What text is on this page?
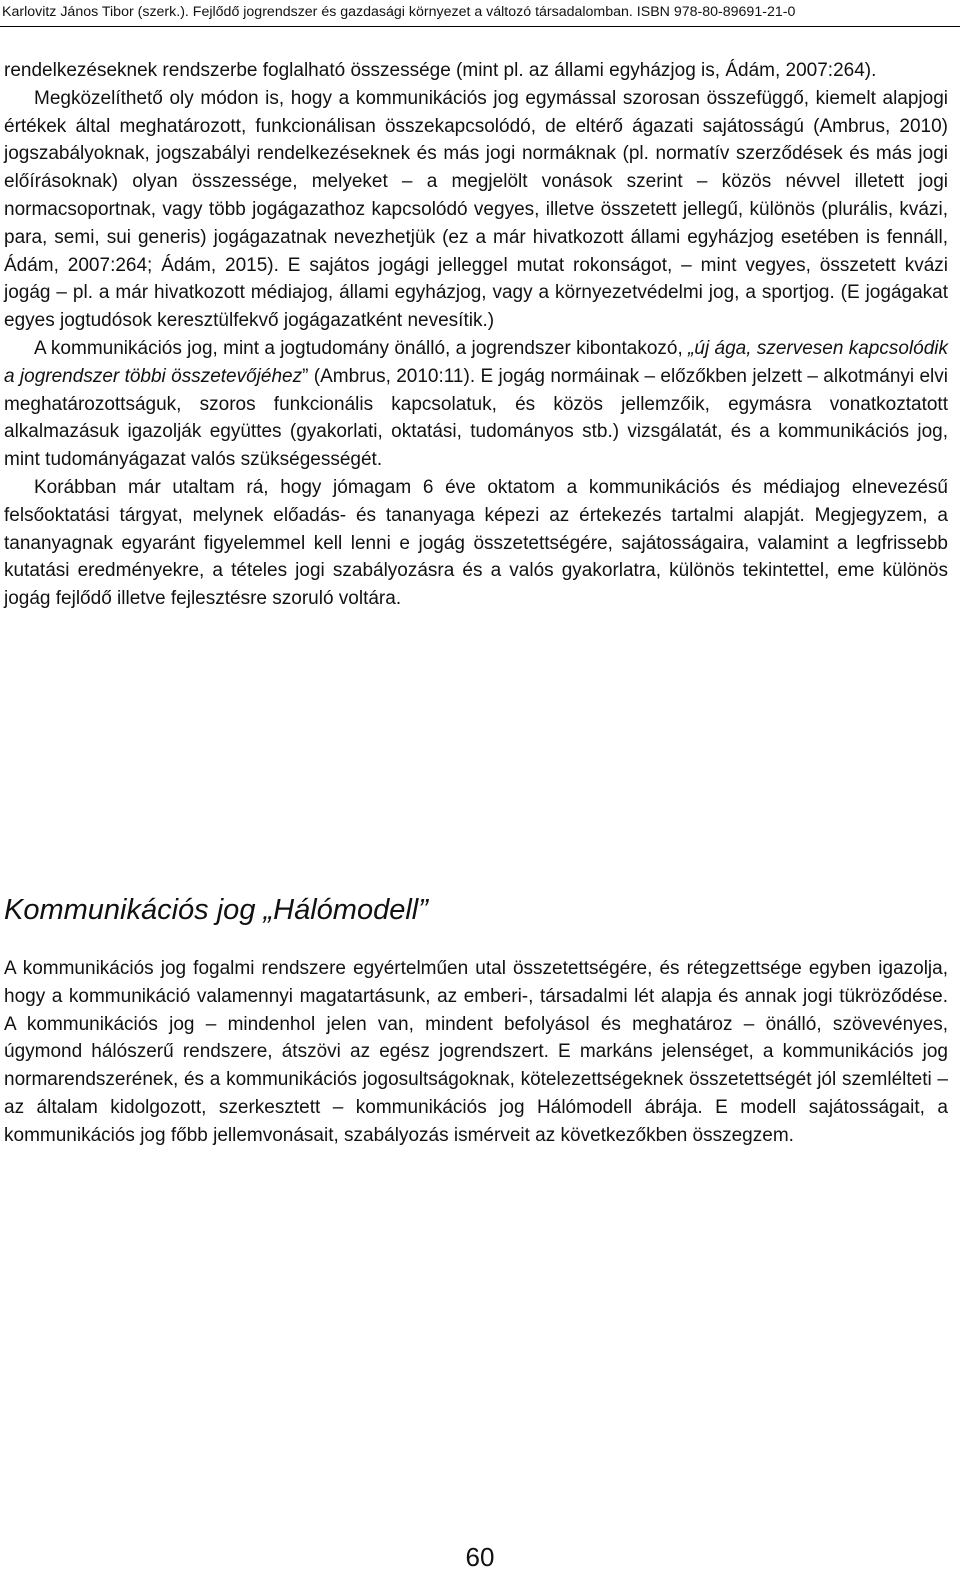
Karlovitz János Tibor (szerk.). Fejlődő jogrendszer és gazdasági környezet a változó társadalomban. ISBN 978-80-89691-21-0

rendelkezéseknek rendszerbe foglalható összessége (mint pl. az állami egyházjog is, Ádám, 2007:264).

Megközelíthető oly módon is, hogy a kommunikációs jog egymással szorosan összefüggő, kiemelt alapjogi értékek által meghatározott, funkcionálisan összekapcsolódó, de eltérő ágazati sajátosságú (Ambrus, 2010) jogszabályoknak, jogszabályi rendelkezéseknek és más jogi normáknak (pl. normatív szerződések és más jogi előírásoknak) olyan összessége, melyeket – a megjelölt vonások szerint – közös névvel illetett jogi normacsoportnak, vagy több jogágazathoz kapcsolódó vegyes, illetve összetett jellegű, különös (plurális, kvázi, para, semi, sui generis) jogágazatnak nevezhetjük (ez a már hivatkozott állami egyházjog esetében is fennáll, Ádám, 2007:264; Ádám, 2015). E sajátos jogági jelleggel mutat rokonságot, – mint vegyes, összetett kvázi jogág – pl. a már hivatkozott médiajog, állami egyházjog, vagy a környezetvédelmi jog, a sportjog. (E jogágakat egyes jogtudósok keresztülfekvő jogágazatként nevesítik.)

A kommunikációs jog, mint a jogtudomány önálló, a jogrendszer kibontakozó, „új ága, szervesen kapcsolódik a jogrendszer többi összetevőjéhez” (Ambrus, 2010:11). E jogág normáinak – előzőkben jelzett – alkotmányi elvi meghatározottságuk, szoros funkcionális kapcsolatuk, és közös jellemzőik, egymásra vonatkoztatott alkalmazásuk igazolják együttes (gyakorlati, oktatási, tudományos stb.) vizsgálatát, és a kommunikációs jog, mint tudományágazat valós szükségességét.

Korábban már utaltam rá, hogy jómagam 6 éve oktatom a kommunikációs és médiajog elnevezésű felsőoktatási tárgyat, melynek előadás- és tananyaga képezi az értekezés tartalmi alapját. Megjegyzem, a tananyagnak egyaránt figyelemmel kell lenni e jogág összetettségére, sajátosságaira, valamint a legfrissebb kutatási eredményekre, a tételes jogi szabályozásra és a valós gyakorlatra, különös tekintettel, eme különös jogág fejlődő illetve fejlesztésre szoruló voltára.

Kommunikációs jog „Hálómodell”

A kommunikációs jog fogalmi rendszere egyértelműen utal összetettségére, és rétegzettsége egyben igazolja, hogy a kommunikáció valamennyi magatartásunk, az emberi-, társadalmi lét alapja és annak jogi tükröződése. A kommunikációs jog – mindenhol jelen van, mindent befolyásol és meghatároz – önálló, szövevényes, úgymond hálószerű rendszere, átszövi az egész jogrendszert. E markáns jelenséget, a kommunikációs jog normarendszerének, és a kommunikációs jogosultságoknak, kötelezettségeknek összetettségét jól szemlélteti – az általam kidolgozott, szerkesztett – kommunikációs jog Hálómodell ábrája. E modell sajátosságait, a kommunikációs jog főbb jellemvonásait, szabályozás ismérveit az következőkben összegzem.

60
